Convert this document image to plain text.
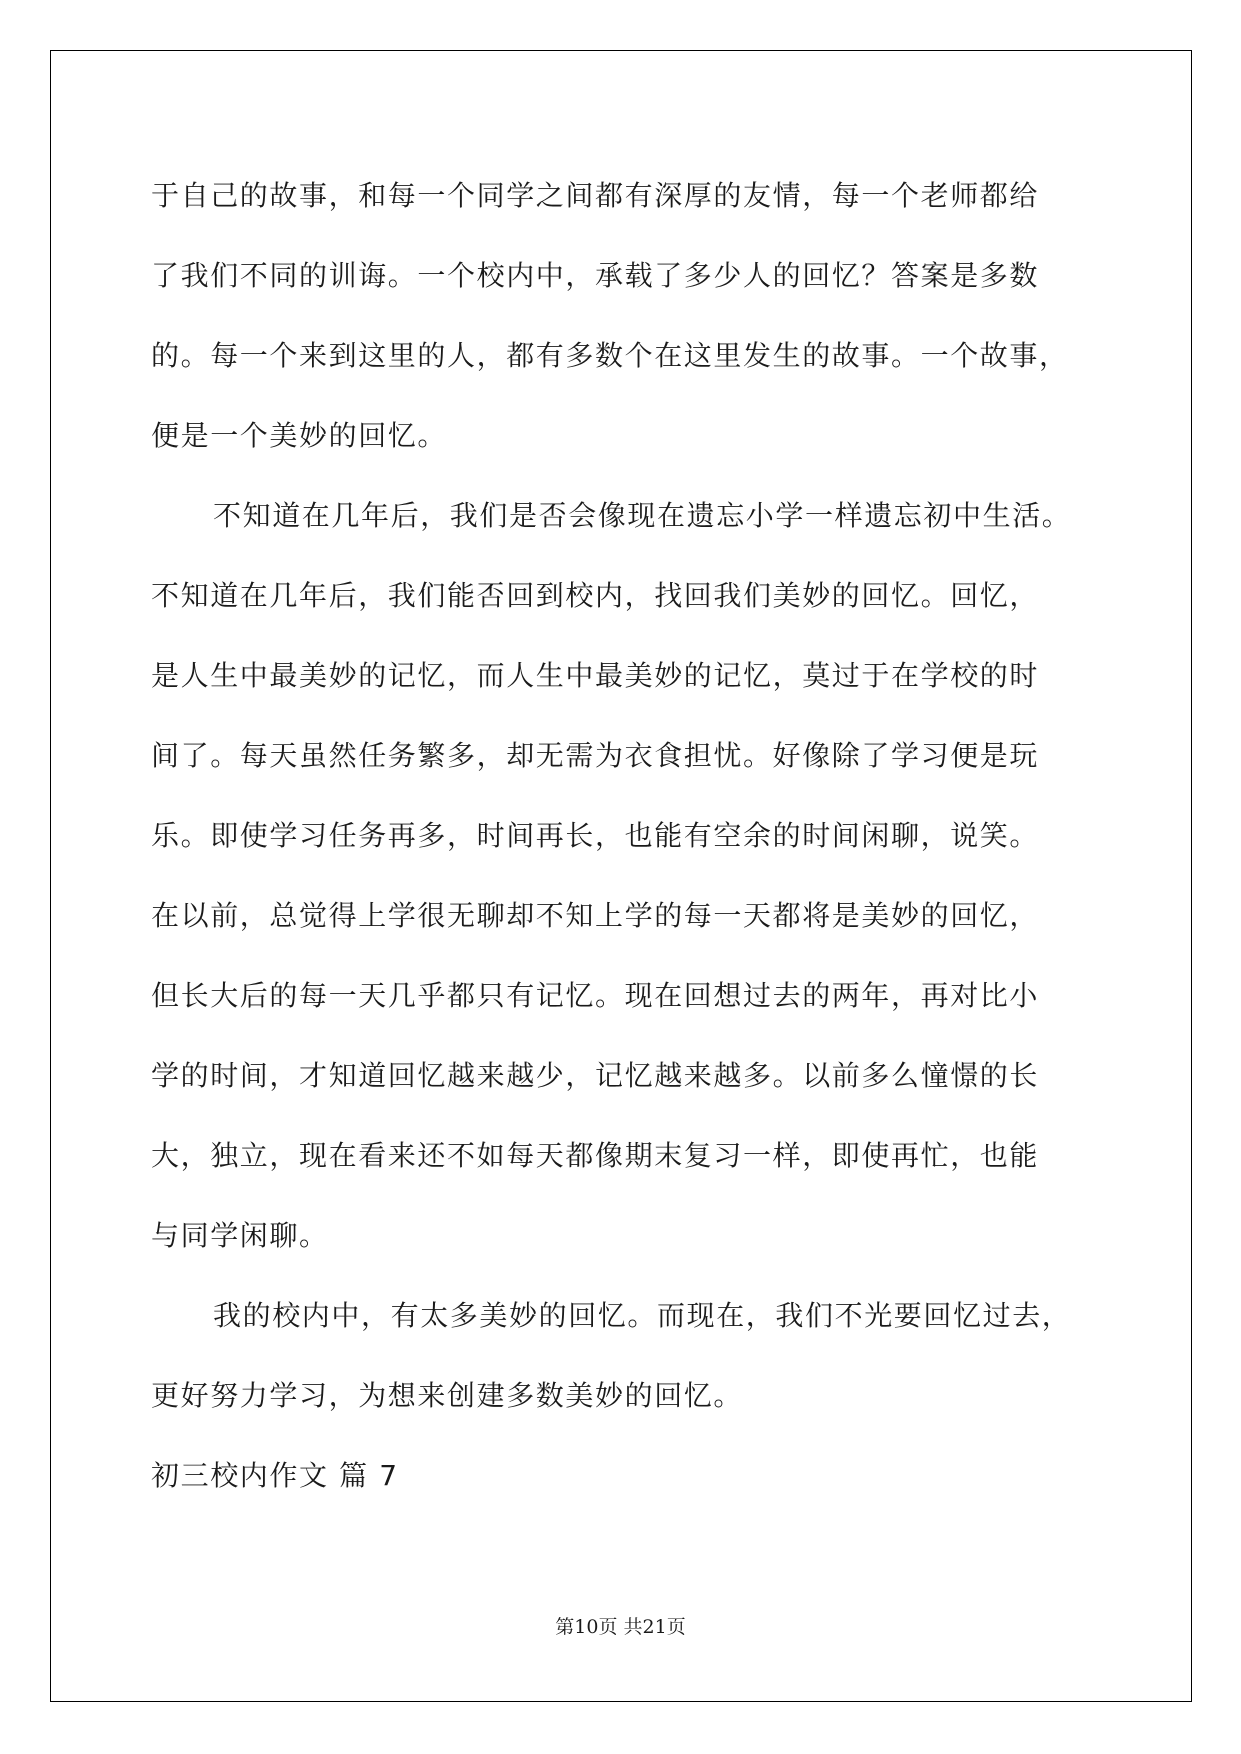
于自己的故事，和每一个同学之间都有深厚的友情，每一个老师都给
了我们不同的训诲。一个校内中，承载了多少人的回忆？答案是多数
的。每一个来到这里的人，都有多数个在这里发生的故事。一个故事，
便是一个美妙的回忆。
不知道在几年后，我们是否会像现在遗忘小学一样遗忘初中生活。
不知道在几年后，我们能否回到校内，找回我们美妙的回忆。回忆，
是人生中最美妙的记忆，而人生中最美妙的记忆，莫过于在学校的时
间了。每天虽然任务繁多，却无需为衣食担忧。好像除了学习便是玩
乐。即使学习任务再多，时间再长，也能有空余的时间闲聊，说笑。
在以前，总觉得上学很无聊却不知上学的每一天都将是美妙的回忆，
但长大后的每一天几乎都只有记忆。现在回想过去的两年，再对比小
学的时间，才知道回忆越来越少，记忆越来越多。以前多么憧憬的长
大，独立，现在看来还不如每天都像期末复习一样，即使再忙，也能
与同学闲聊。
我的校内中，有太多美妙的回忆。而现在，我们不光要回忆过去，
更好努力学习，为想来创建多数美妙的回忆。
初三校内作文 篇 7
第10页 共21页
